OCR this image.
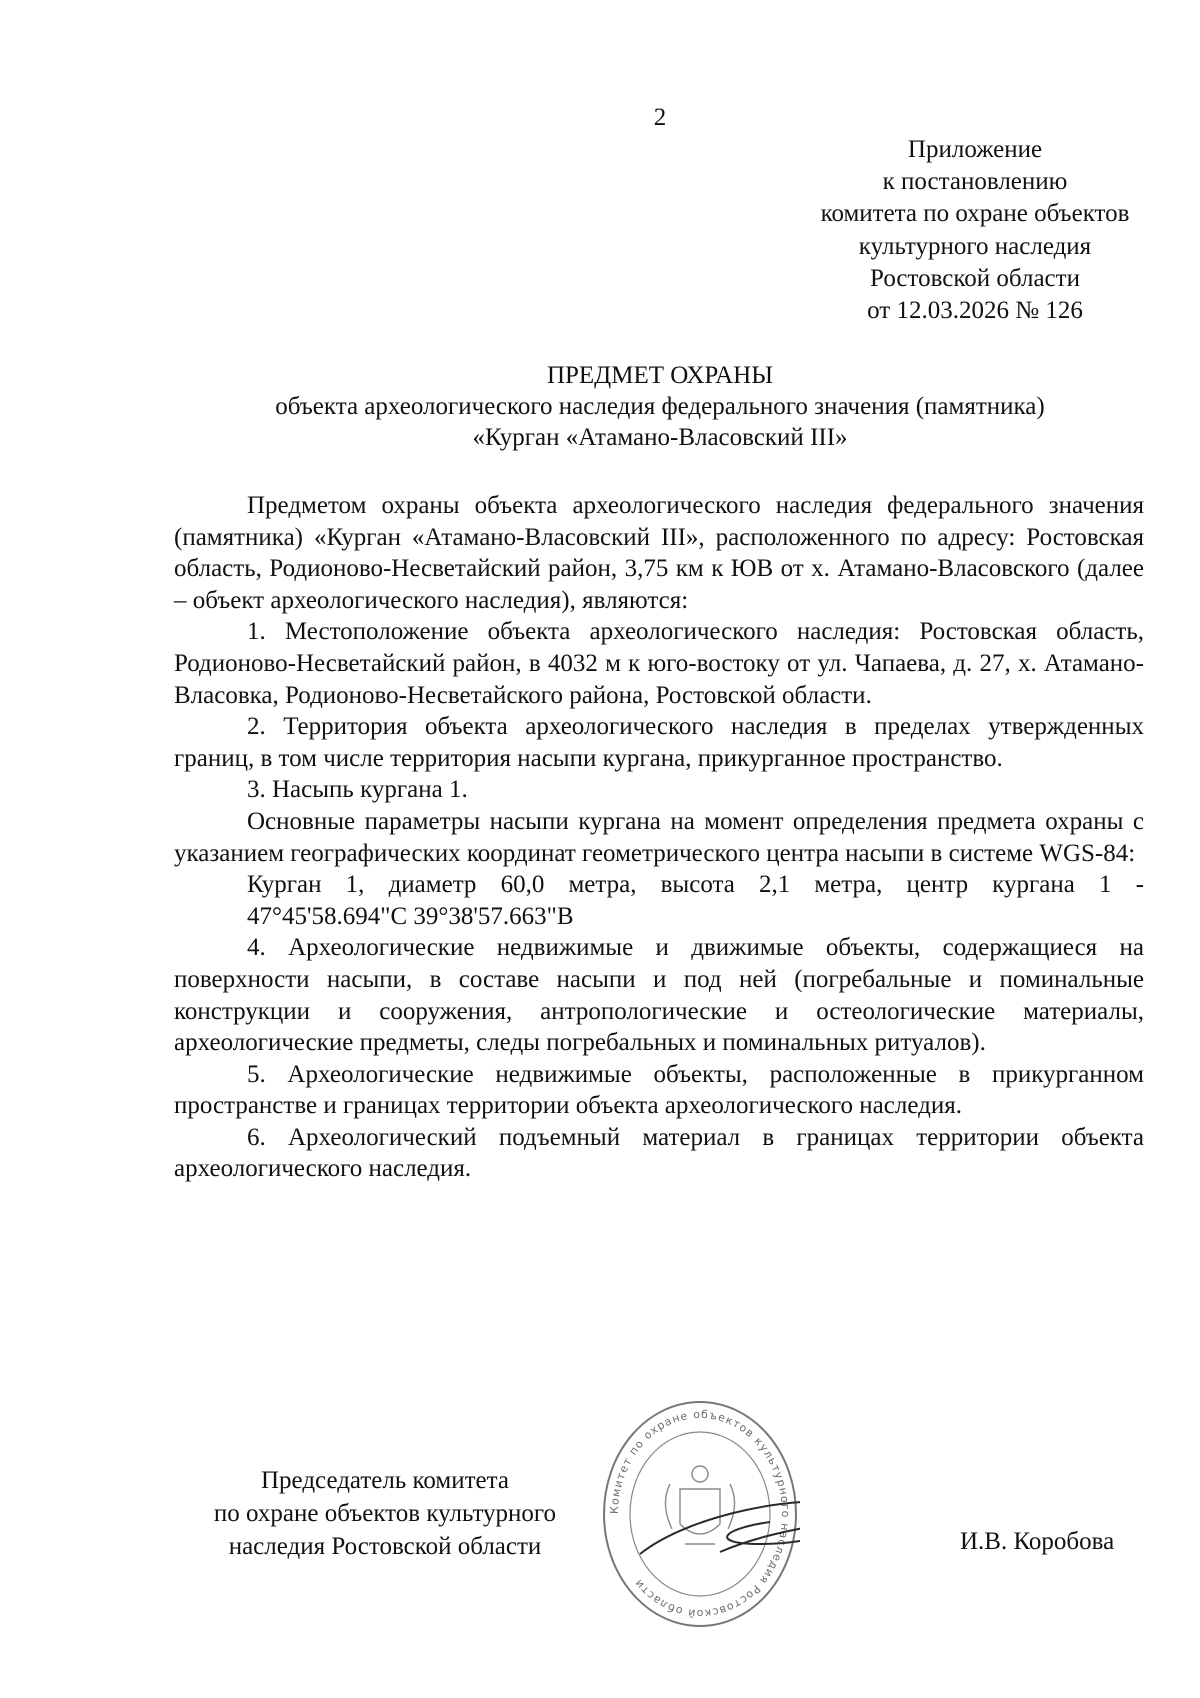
2
Приложение
к постановлению
комитета по охране объектов
культурного наследия
Ростовской области
от 12.03.2026 № 126
ПРЕДМЕТ ОХРАНЫ
объекта археологического наследия федерального значения (памятника)
«Курган «Атамано-Власовский III»

Предметом охраны объекта археологического наследия федерального значения (памятника) «Курган «Атамано-Власовский III», расположенного по адресу: Ростовская область, Родионово-Несветайский район, 3,75 км к ЮВ от х. Атамано-Власовского (далее – объект археологического наследия), являются:

1. Местоположение объекта археологического наследия: Ростовская область, Родионово-Несветайский район, в 4032 м к юго-востоку от ул. Чапаева, д. 27, х. Атамано-Власовка, Родионово-Несветайского района, Ростовской области.

2. Территория объекта археологического наследия в пределах утвержденных границ, в том числе территория насыпи кургана, прикурганное пространство.

3. Насыпь кургана 1.

Основные параметры насыпи кургана на момент определения предмета охраны с указанием географических координат геометрического центра насыпи в системе WGS-84:

Курган 1, диаметр 60,0 метра, высота 2,1 метра, центр кургана 1 -

47°45'58.694"С 39°38'57.663"В

4. Археологические недвижимые и движимые объекты, содержащиеся на поверхности насыпи, в составе насыпи и под ней (погребальные и поминальные конструкции и сооружения, антропологические и остеологические материалы, археологические предметы, следы погребальных и поминальных ритуалов).

5. Археологические недвижимые объекты, расположенные в прикурганном пространстве и границах территории объекта археологического наследия.

6. Археологический подъемный материал в границах территории объекта археологического наследия.

Председатель комитета
по охране объектов культурного
наследия Ростовской области
Комитет по охране объектов культурного наследия Ростовской области
И.В. Коробова
